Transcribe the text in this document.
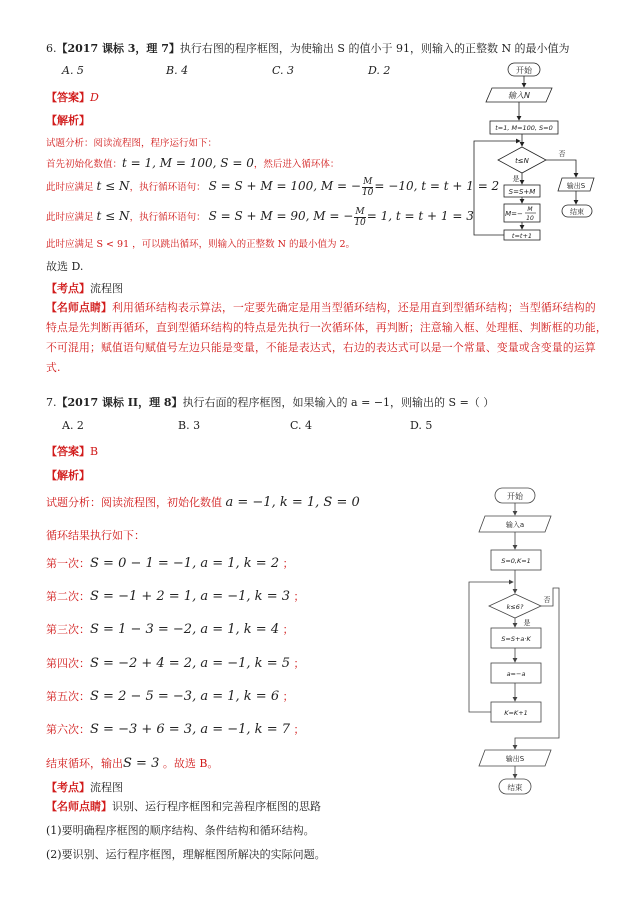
6.【2017 课标 3，理 7】执行右图的程序框图，为使输出 S 的值小于 91，则输入的正整数 N 的最小值为
A. 5	B. 4	C. 3	D. 2
【答案】D
【解析】
试题分析：阅读流程图，程序运行如下：
首先初始化数值：t = 1, M = 100, S = 0，然后进入循环体：
此时应满足 t ≤ N，执行循环语句： S = S + M = 100, M = − $\frac{M}{10} = -10$, t = t + 1 = 2
此时应满足 t ≤ N，执行循环语句： S = S + M = 90, M = − $\frac{M}{10} = 1$, t = t + 1 = 3
此时应满足 S < 91 ，可以跳出循环，则输入的正整数 N 的最小值为 2。
故选 D.
【考点】流程图
【名师点睛】利用循环结构表示算法，一定要先确定是用当型循环结构，还是用直到型循环结构；当型循环结构的
特点是先判断再循环，直到型循环结构的特点是先执行一次循环体，再判断；注意输入框、处理框、判断框的功能，
不可混用；赋值语句赋值号左边只能是变量，不能是表达式，右边的表达式可以是一个常量、变量或含变量的运算
式.
开始
输入N
t=1, M=100, S=0
t≤N
是
否
S=S+M
M=−
M
10
t=t+1
输出S
结束
7.【2017 课标 II，理 8】执行右面的程序框图，如果输入的 a = −1，则输出的 S =（ ）
A. 2	B. 3	C. 4	D. 5
【答案】B
【解析】
试题分析：阅读流程图，初始化数值 a = −1, k = 1, S = 0
循环结果执行如下：
第一次：S = 0 − 1 = −1, a = 1, k = 2 ；
第二次：S = −1 + 2 = 1, a = −1, k = 3 ；
第三次：S = 1 − 3 = −2, a = 1, k = 4 ；
第四次：S = −2 + 4 = 2, a = −1, k = 5 ；
第五次：S = 2 − 5 = −3, a = 1, k = 6 ；
第六次：S = −3 + 6 = 3, a = −1, k = 7 ；
结束循环，输出S = 3 。故选 B。
【考点】流程图
【名师点睛】识别、运行程序框图和完善程序框图的思路
(1)要明确程序框图的顺序结构、条件结构和循环结构。
(2)要识别、运行程序框图，理解框图所解决的实际问题。
开始
输入a
S=0,K=1
k≤6?
是
否
S=S+a·K
a=−a
K=K+1
输出S
结束
